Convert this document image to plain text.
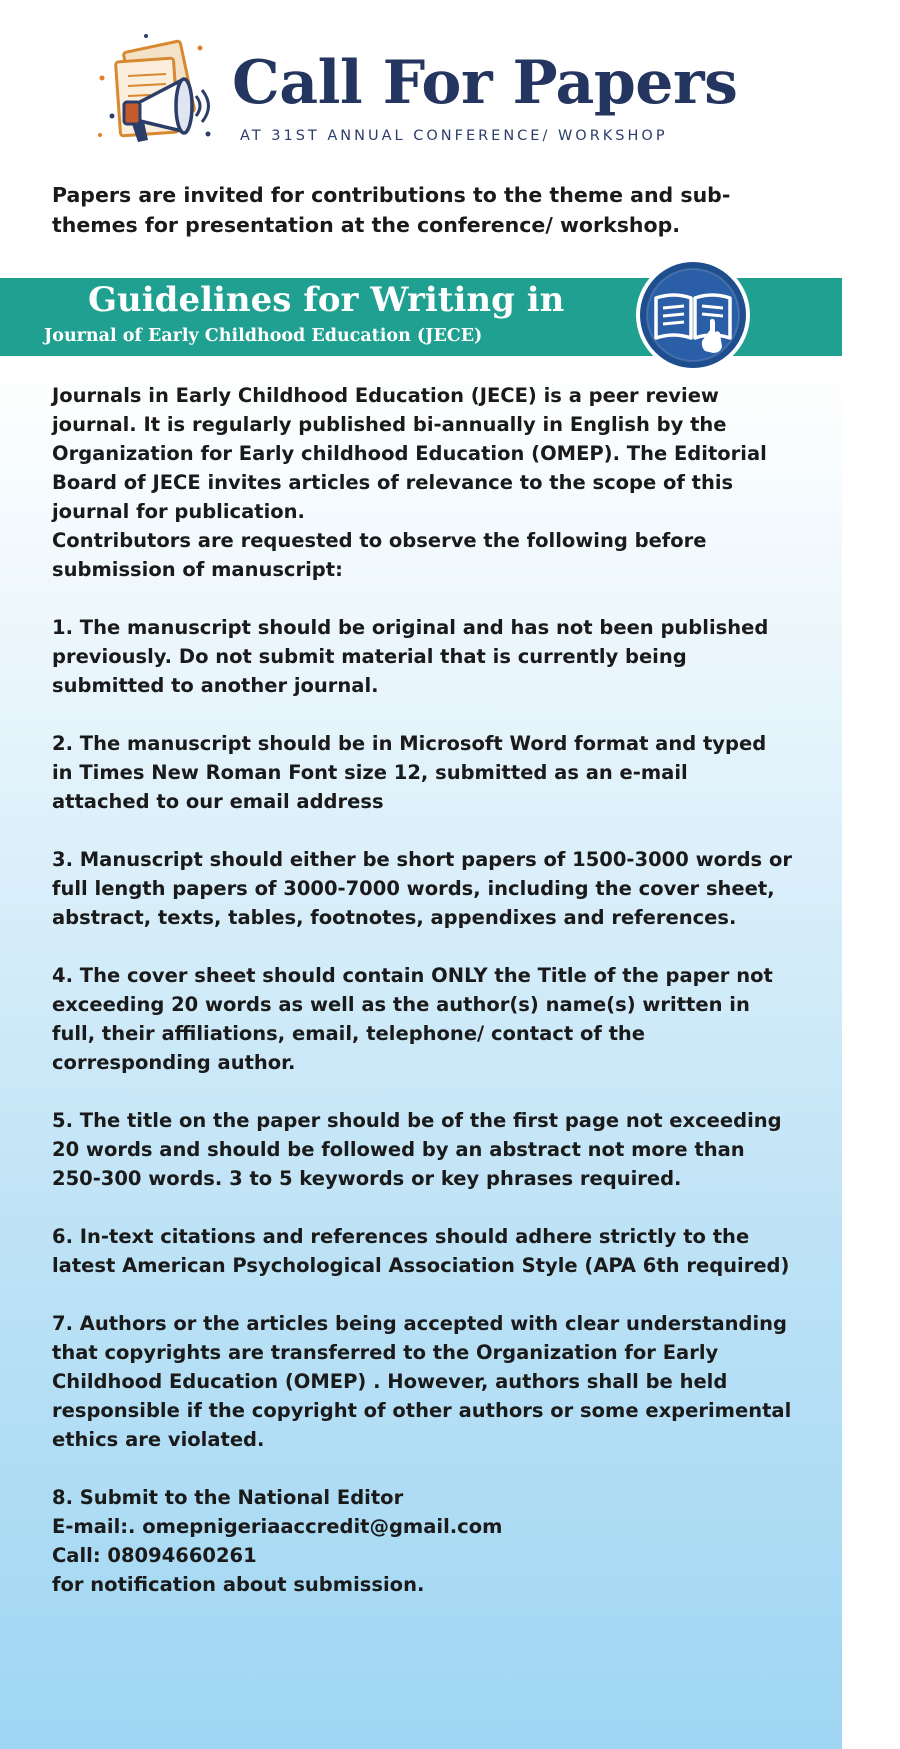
Call For Papers
AT 31ST ANNUAL CONFERENCE/ WORKSHOP
Papers are invited for contributions to the theme and sub-themes for presentation at the conference/ workshop.
Guidelines for Writing in
Journal of Early Childhood Education (JECE)

Journals in Early Childhood Education (JECE) is a peer review journal. It is regularly published bi-annually in English by the Organization for Early childhood Education (OMEP). The Editorial Board of JECE invites articles of relevance to the scope of this journal for publication.

Contributors are requested to observe the following before submission of manuscript:

1. The manuscript should be original and has not been published previously. Do not submit material that is currently being submitted to another journal.

2. The manuscript should be in Microsoft Word format and typed in Times New Roman Font size 12, submitted as an e-mail attached to our email address

3. Manuscript should either be short papers of 1500-3000 words or full length papers of 3000-7000 words, including the cover sheet, abstract, texts, tables, footnotes, appendixes and references.

4. The cover sheet should contain ONLY the Title of the paper not exceeding 20 words as well as the author(s) name(s) written in full, their affiliations, email, telephone/ contact of the corresponding author.

5. The title on the paper should be of the first page not exceeding 20 words and should be followed by an abstract not more than 250-300 words. 3 to 5 keywords or key phrases required.

6. In-text citations and references should adhere strictly to the latest American Psychological Association Style (APA 6th required)

7. Authors or the articles being accepted with clear understanding that copyrights are transferred to the Organization for Early Childhood Education (OMEP) . However, authors shall be held responsible if the copyright of other authors or some experimental ethics are violated.

8. Submit to the National Editor
E-mail:. omepnigeriaaccredit@gmail.com
Call: 08094660261
for notification about submission.
